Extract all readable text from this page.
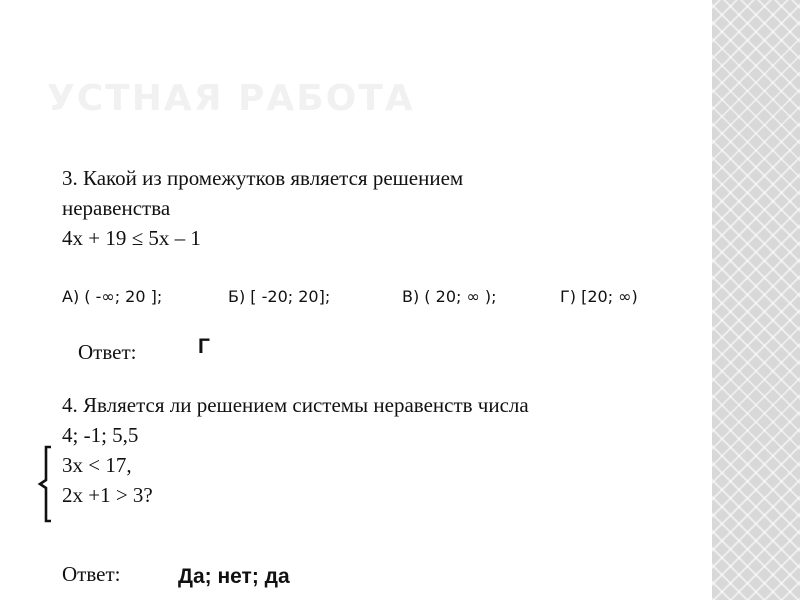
УСТНАЯ РАБОТА
3. Какой из промежутков является решением
неравенства
4х + 19 ≤ 5х – 1
А) ( -∞; 20 ];	Б) [ -20; 20];	В) ( 20; ∞ );	Г) [20; ∞)
Ответ:	Г
4. Является ли решением системы неравенств числа
4; -1; 5,5
3х < 17,
2х +1 > 3?
Ответ:	Да; нет; да
